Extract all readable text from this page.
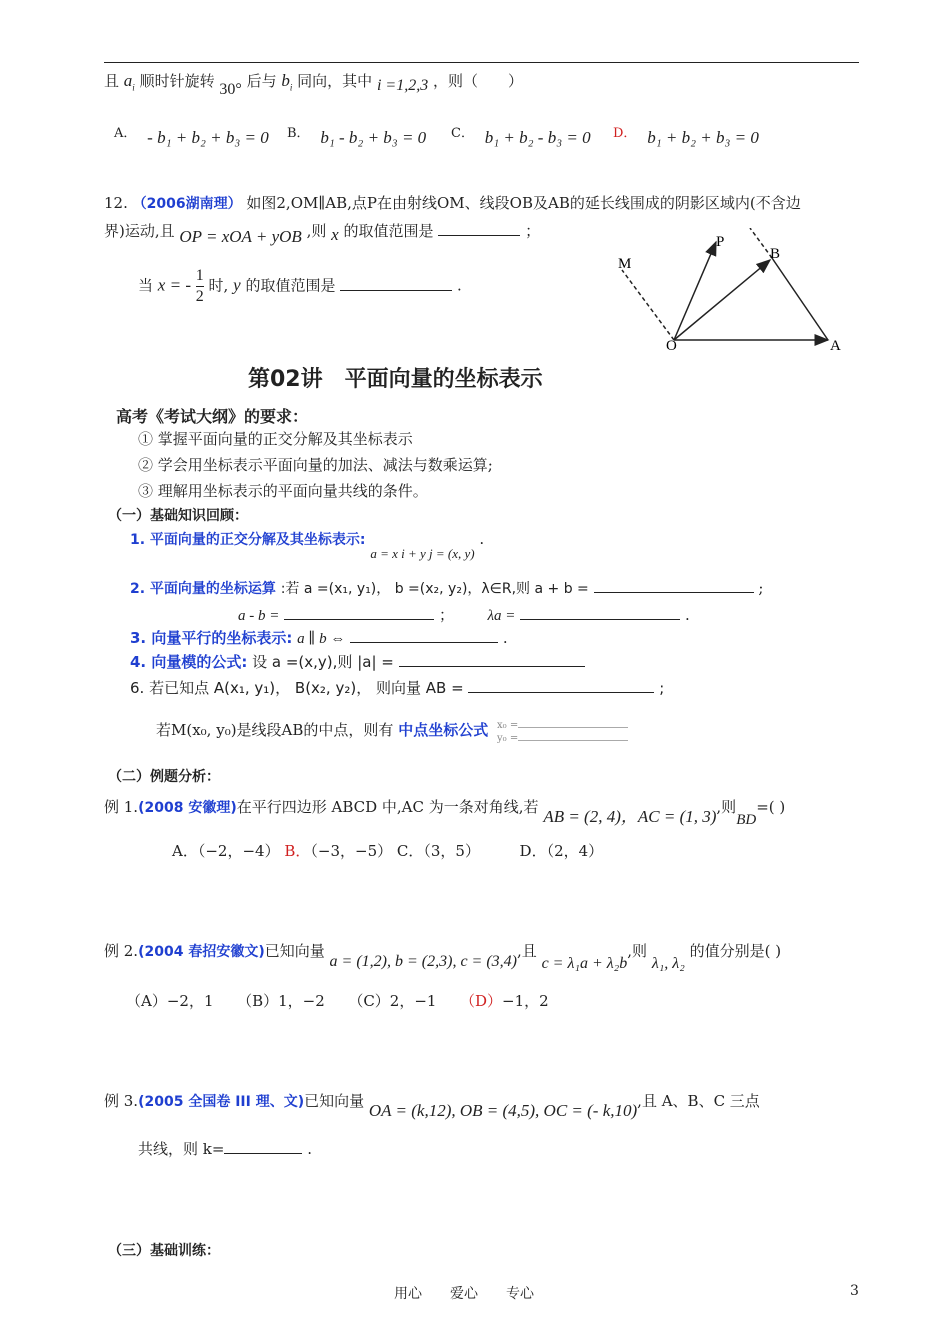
且 $a_i$ 顺时针旋转 30° 后与 $b_i$ 同向，其中 i =1,2,3 ，则（　　）
A． - b₁ + b₂ + b₃ = 0 B． b₁ - b₂ + b₃ = 0 C． b₁ + b₂ - b₃ = 0 D． b₁ + b₂ + b₃ = 0
12. （2006湖南理） 如图2,OM∥AB,点P在由射线OM、线段OB及AB的延长线围成的阴影区域内(不含边
界)运动,且 OP = xOA + yOB ,则 x 的取值范围是	；
当 x = - $\frac{1}{2}$ 时, y 的取值范围是	.
P
M
B
O	A
第02讲　平面向量的坐标表示
高考《考试大纲》的要求：
① 掌握平面向量的正交分解及其坐标表示
② 学会用坐标表示平面向量的加法、减法与数乘运算;
③ 理解用坐标表示的平面向量共线的条件。
（一）基础知识回顾：
1. 平面向量的正交分解及其坐标表示: a = x i + y j = (x, y) .
2. 平面向量的坐标运算 :若 a =(x₁, y₁)， b =(x₂, y₂)，λ∈R,则 a + b =	;
a - b =	； λa =	.
3. 向量平行的坐标表示: a ∥ b ⇔	.
4. 向量模的公式: 设 a =(x,y),则 |a| =
6. 若已知点 A(x₁, y₁)， B(x₂, y₂)， 则向量 AB =	;
若M(x₀, y₀)是线段AB的中点，则有 中点坐标公式 x₀ =
y₀ =
（二）例题分析：
例 1.(2008 安徽理)在平行四边形 ABCD 中,AC 为一条对角线,若 AB = (2, 4)，AC = (1, 3),则BD=( )
A．（−2，−4） B．（−3，−5） C．（3，5）	D．（2，4）
例 2.(2004 春招安徽文)已知向量 a = (1,2), b = (2,3), c = (3,4),且 c = λ₁a + λ₂b,则 λ₁, λ₂ 的值分别是( )
（A）−2，1 （B）1，−2 （C）2，−1 （D）−1，2
例 3.(2005 全国卷 III 理、文)已知向量 OA = (k,12), OB = (4,5), OC = (- k,10),且 A、B、C 三点
共线，则 k=	.
（三）基础训练：
用心　　爱心　　专心	3
